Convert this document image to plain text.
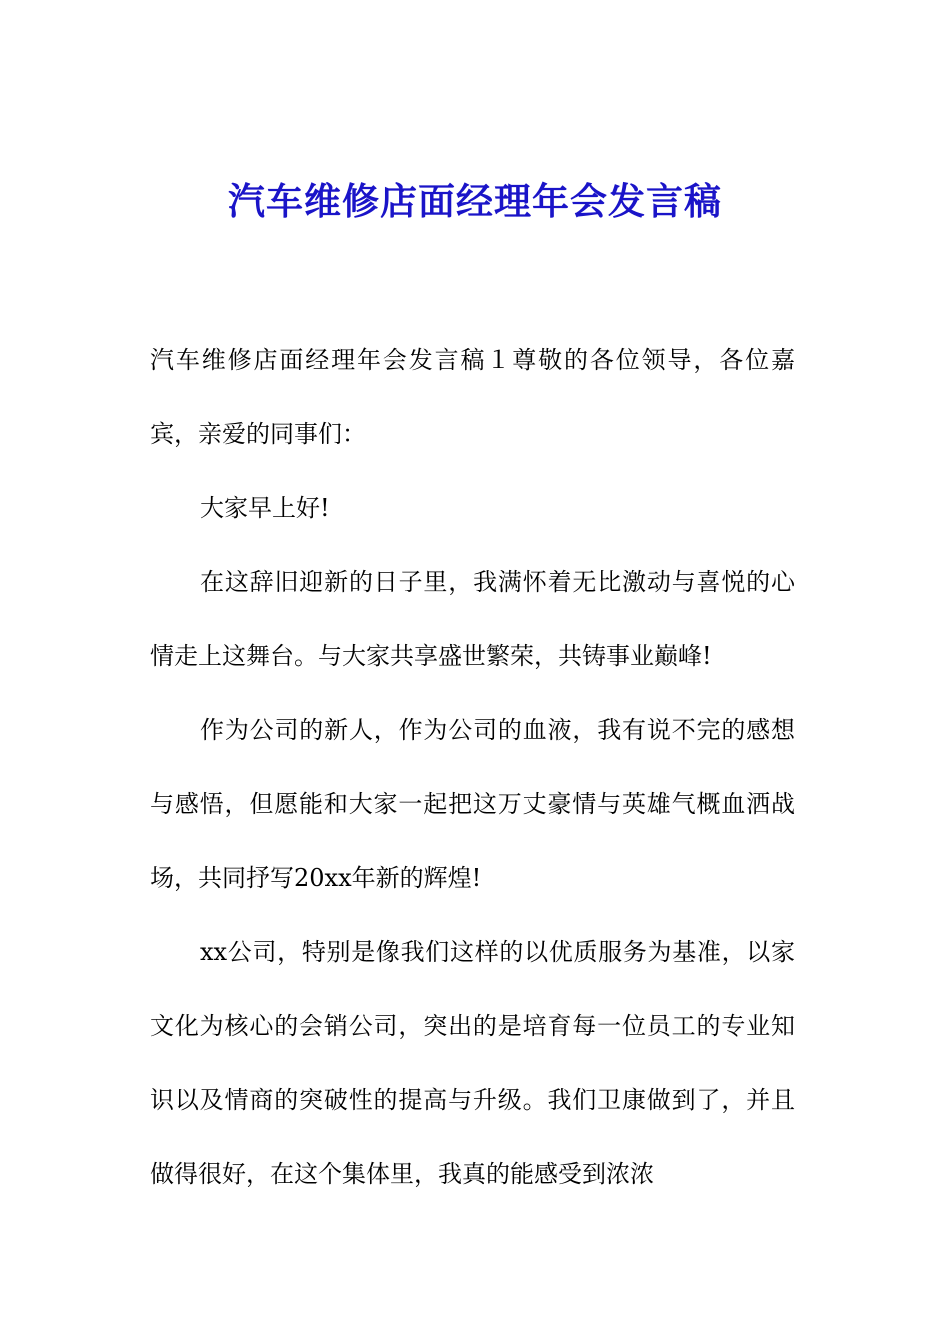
汽车维修店面经理年会发言稿

汽车维修店面经理年会发言稿１尊敬的各位领导，各位嘉宾，亲爱的同事们：

大家早上好!

在这辞旧迎新的日子里，我满怀着无比激动与喜悦的心情走上这舞台。与大家共享盛世繁荣，共铸事业巅峰!

作为公司的新人，作为公司的血液，我有说不完的感想与感悟，但愿能和大家一起把这万丈豪情与英雄气概血洒战场，共同抒写20xx年新的辉煌!

xx公司，特别是像我们这样的以优质服务为基准，以家文化为核心的会销公司，突出的是培育每一位员工的专业知识以及情商的突破性的提高与升级。我们卫康做到了，并且做得很好，在这个集体里，我真的能感受到浓浓
